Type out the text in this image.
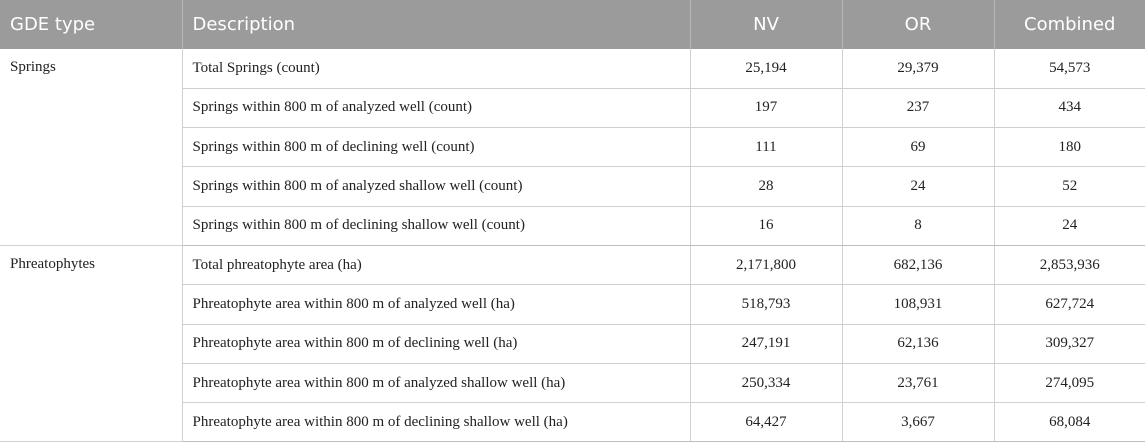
GDE type	Description	NV	OR	Combined
Springs	Total Springs (count)	25,194	29,379	54,573
	Springs within 800 m of analyzed well (count)	197	237	434
	Springs within 800 m of declining well (count)	111	69	180
	Springs within 800 m of analyzed shallow well (count)	28	24	52
	Springs within 800 m of declining shallow well (count)	16	8	24
Phreatophytes	Total phreatophyte area (ha)	2,171,800	682,136	2,853,936
	Phreatophyte area within 800 m of analyzed well (ha)	518,793	108,931	627,724
	Phreatophyte area within 800 m of declining well (ha)	247,191	62,136	309,327
	Phreatophyte area within 800 m of analyzed shallow well (ha)	250,334	23,761	274,095
	Phreatophyte area within 800 m of declining shallow well (ha)	64,427	3,667	68,084
